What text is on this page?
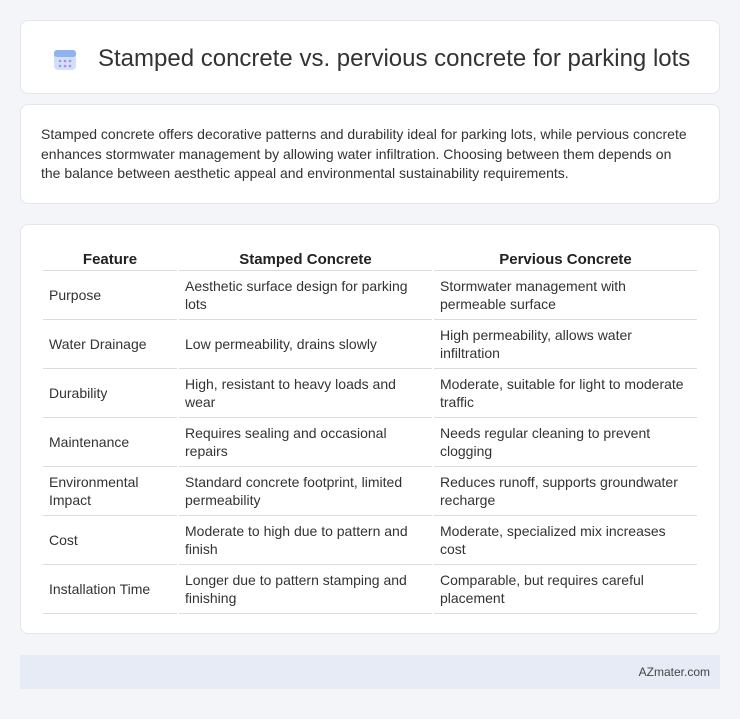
Stamped concrete vs. pervious concrete for parking lots

Stamped concrete offers decorative patterns and durability ideal for parking lots, while pervious concrete enhances stormwater management by allowing water infiltration. Choosing between them depends on the balance between aesthetic appeal and environmental sustainability requirements.

Feature	Stamped Concrete	Pervious Concrete
Purpose	Aesthetic surface design for parking lots	Stormwater management with permeable surface
Water Drainage	Low permeability, drains slowly	High permeability, allows water infiltration
Durability	High, resistant to heavy loads and wear	Moderate, suitable for light to moderate traffic
Maintenance	Requires sealing and occasional repairs	Needs regular cleaning to prevent clogging
Environmental Impact	Standard concrete footprint, limited permeability	Reduces runoff, supports groundwater recharge
Cost	Moderate to high due to pattern and finish	Moderate, specialized mix increases cost
Installation Time	Longer due to pattern stamping and finishing	Comparable, but requires careful placement
AZmater.com
